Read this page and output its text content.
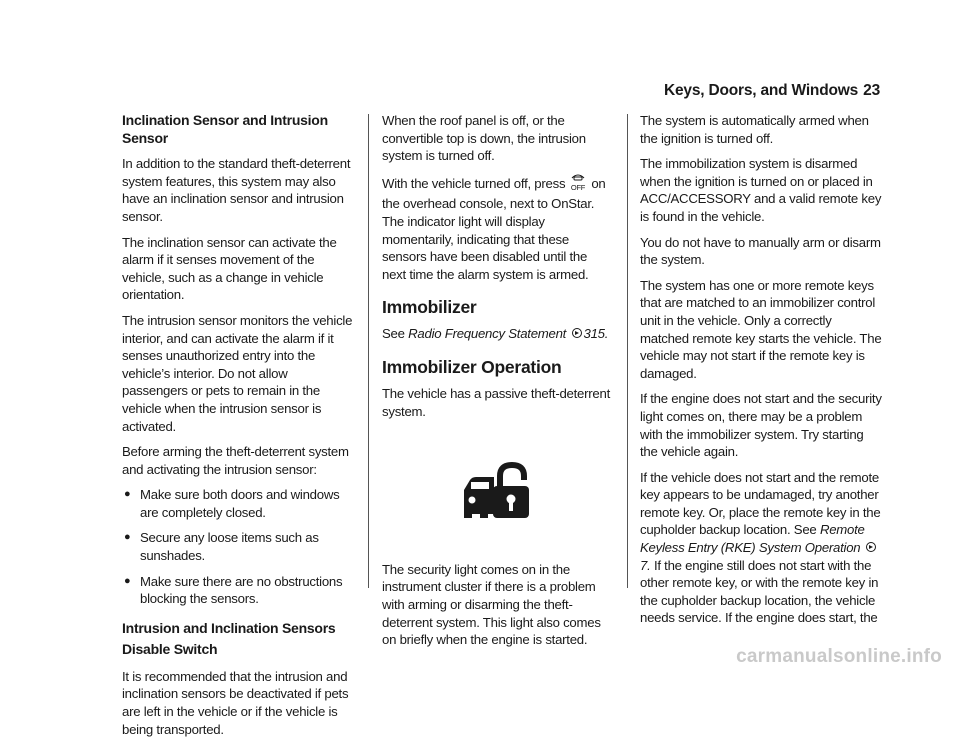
Keys, Doors, and Windows 23
Inclination Sensor and Intrusion Sensor

In addition to the standard theft-deterrent system features, this system may also have an inclination sensor and intrusion sensor.

The inclination sensor can activate the alarm if it senses movement of the vehicle, such as a change in vehicle orientation.

The intrusion sensor monitors the vehicle interior, and can activate the alarm if it senses unauthorized entry into the vehicle’s interior. Do not allow passengers or pets to remain in the vehicle when the intrusion sensor is activated.

Before arming the theft-deterrent system and activating the intrusion sensor:

● Make sure both doors and windows are completely closed.
● Secure any loose items such as sunshades.
● Make sure there are no obstructions blocking the sensors.
Intrusion and Inclination Sensors Disable Switch

It is recommended that the intrusion and inclination sensors be deactivated if pets are left in the vehicle or if the vehicle is being transported.

When the roof panel is off, or the convertible top is down, the intrusion system is turned off.

With the vehicle turned off, press OFF on the overhead console, next to OnStar. The indicator light will display momentarily, indicating that these sensors have been disabled until the next time the alarm system is armed.

Immobilizer

See Radio Frequency Statement 315.

Immobilizer Operation

The vehicle has a passive theft-deterrent system.

The security light comes on in the instrument cluster if there is a problem with arming or disarming the theft-deterrent system. This light also comes on briefly when the engine is started.

The system is automatically armed when the ignition is turned off.

The immobilization system is disarmed when the ignition is turned on or placed in ACC/ACCESSORY and a valid remote key is found in the vehicle.

You do not have to manually arm or disarm the system.

The system has one or more remote keys that are matched to an immobilizer control unit in the vehicle. Only a correctly matched remote key starts the vehicle. The vehicle may not start if the remote key is damaged.

If the engine does not start and the security light comes on, there may be a problem with the immobilizer system. Try starting the vehicle again.

If the vehicle does not start and the remote key appears to be undamaged, try another remote key. Or, place the remote key in the cupholder backup location. See Remote Keyless Entry (RKE) System Operation 7. If the engine still does not start with the other remote key, or with the remote key in the cupholder backup location, the vehicle needs service. If the engine does start, the

carmanualsonline.info
